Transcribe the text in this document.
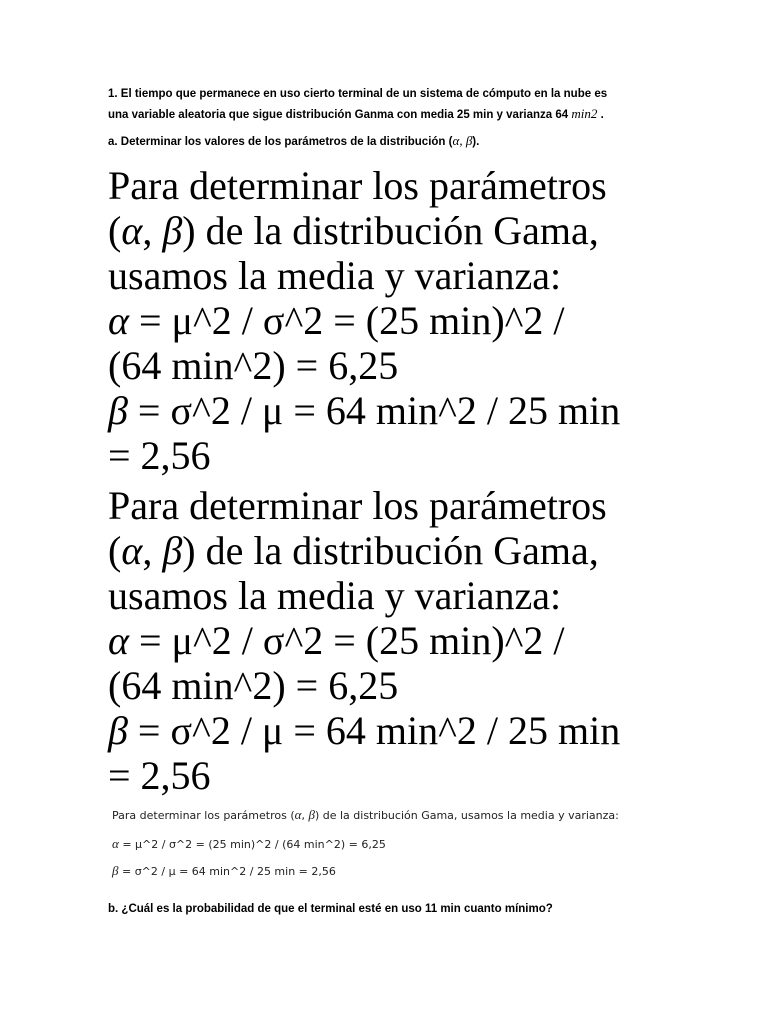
1. El tiempo que permanece en uso cierto terminal de un sistema de cómputo en la nube es
una variable aleatoria que sigue distribución Ganma con media 25 min y varianza 64 min2 .
a. Determinar los valores de los parámetros de la distribución (α, β).
Para determinar los parámetros
(α, β) de la distribución Gama,
usamos la media y varianza:
α = μ^2 / σ^2 = (25 min)^2 /
(64 min^2) = 6,25
β = σ^2 / μ = 64 min^2 / 25 min
= 2,56
Para determinar los parámetros
(α, β) de la distribución Gama,
usamos la media y varianza:
α = μ^2 / σ^2 = (25 min)^2 /
(64 min^2) = 6,25
β = σ^2 / μ = 64 min^2 / 25 min
= 2,56
Para determinar los parámetros (α, β) de la distribución Gama, usamos la media y varianza:
α = μ^2 / σ^2 = (25 min)^2 / (64 min^2) = 6,25
β = σ^2 / μ = 64 min^2 / 25 min = 2,56
b. ¿Cuál es la probabilidad de que el terminal esté en uso 11 min cuanto mínimo?
